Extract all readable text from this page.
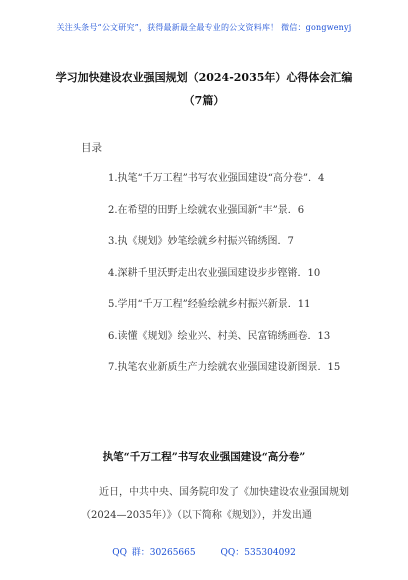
关注头条号“公文研究”，获得最新最全最专业的公文资料库！ 微信：gongwenyj
学习加快建设农业强国规划（2024-2035年）心得体会汇编
（7篇）
目录
1.执笔“千万工程”书写农业强国建设“高分卷”．4
2.在希望的田野上绘就农业强国新“丰”景．6
3.执《规划》妙笔绘就乡村振兴锦绣图．7
4.深耕千里沃野走出农业强国建设步步铿锵．10
5.学用“千万工程”经验绘就乡村振兴新景．11
6.读懂《规划》绘业兴、村美、民富锦绣画卷．13
7.执笔农业新质生产力绘就农业强国建设新图景．15
执笔“千万工程”书写农业强国建设“高分卷”
近日，中共中央、国务院印发了《加快建设农业强国规划（2024—2035年）》（以下简称《规划》），并发出通
QQ 群：30265665	QQ：535304092
